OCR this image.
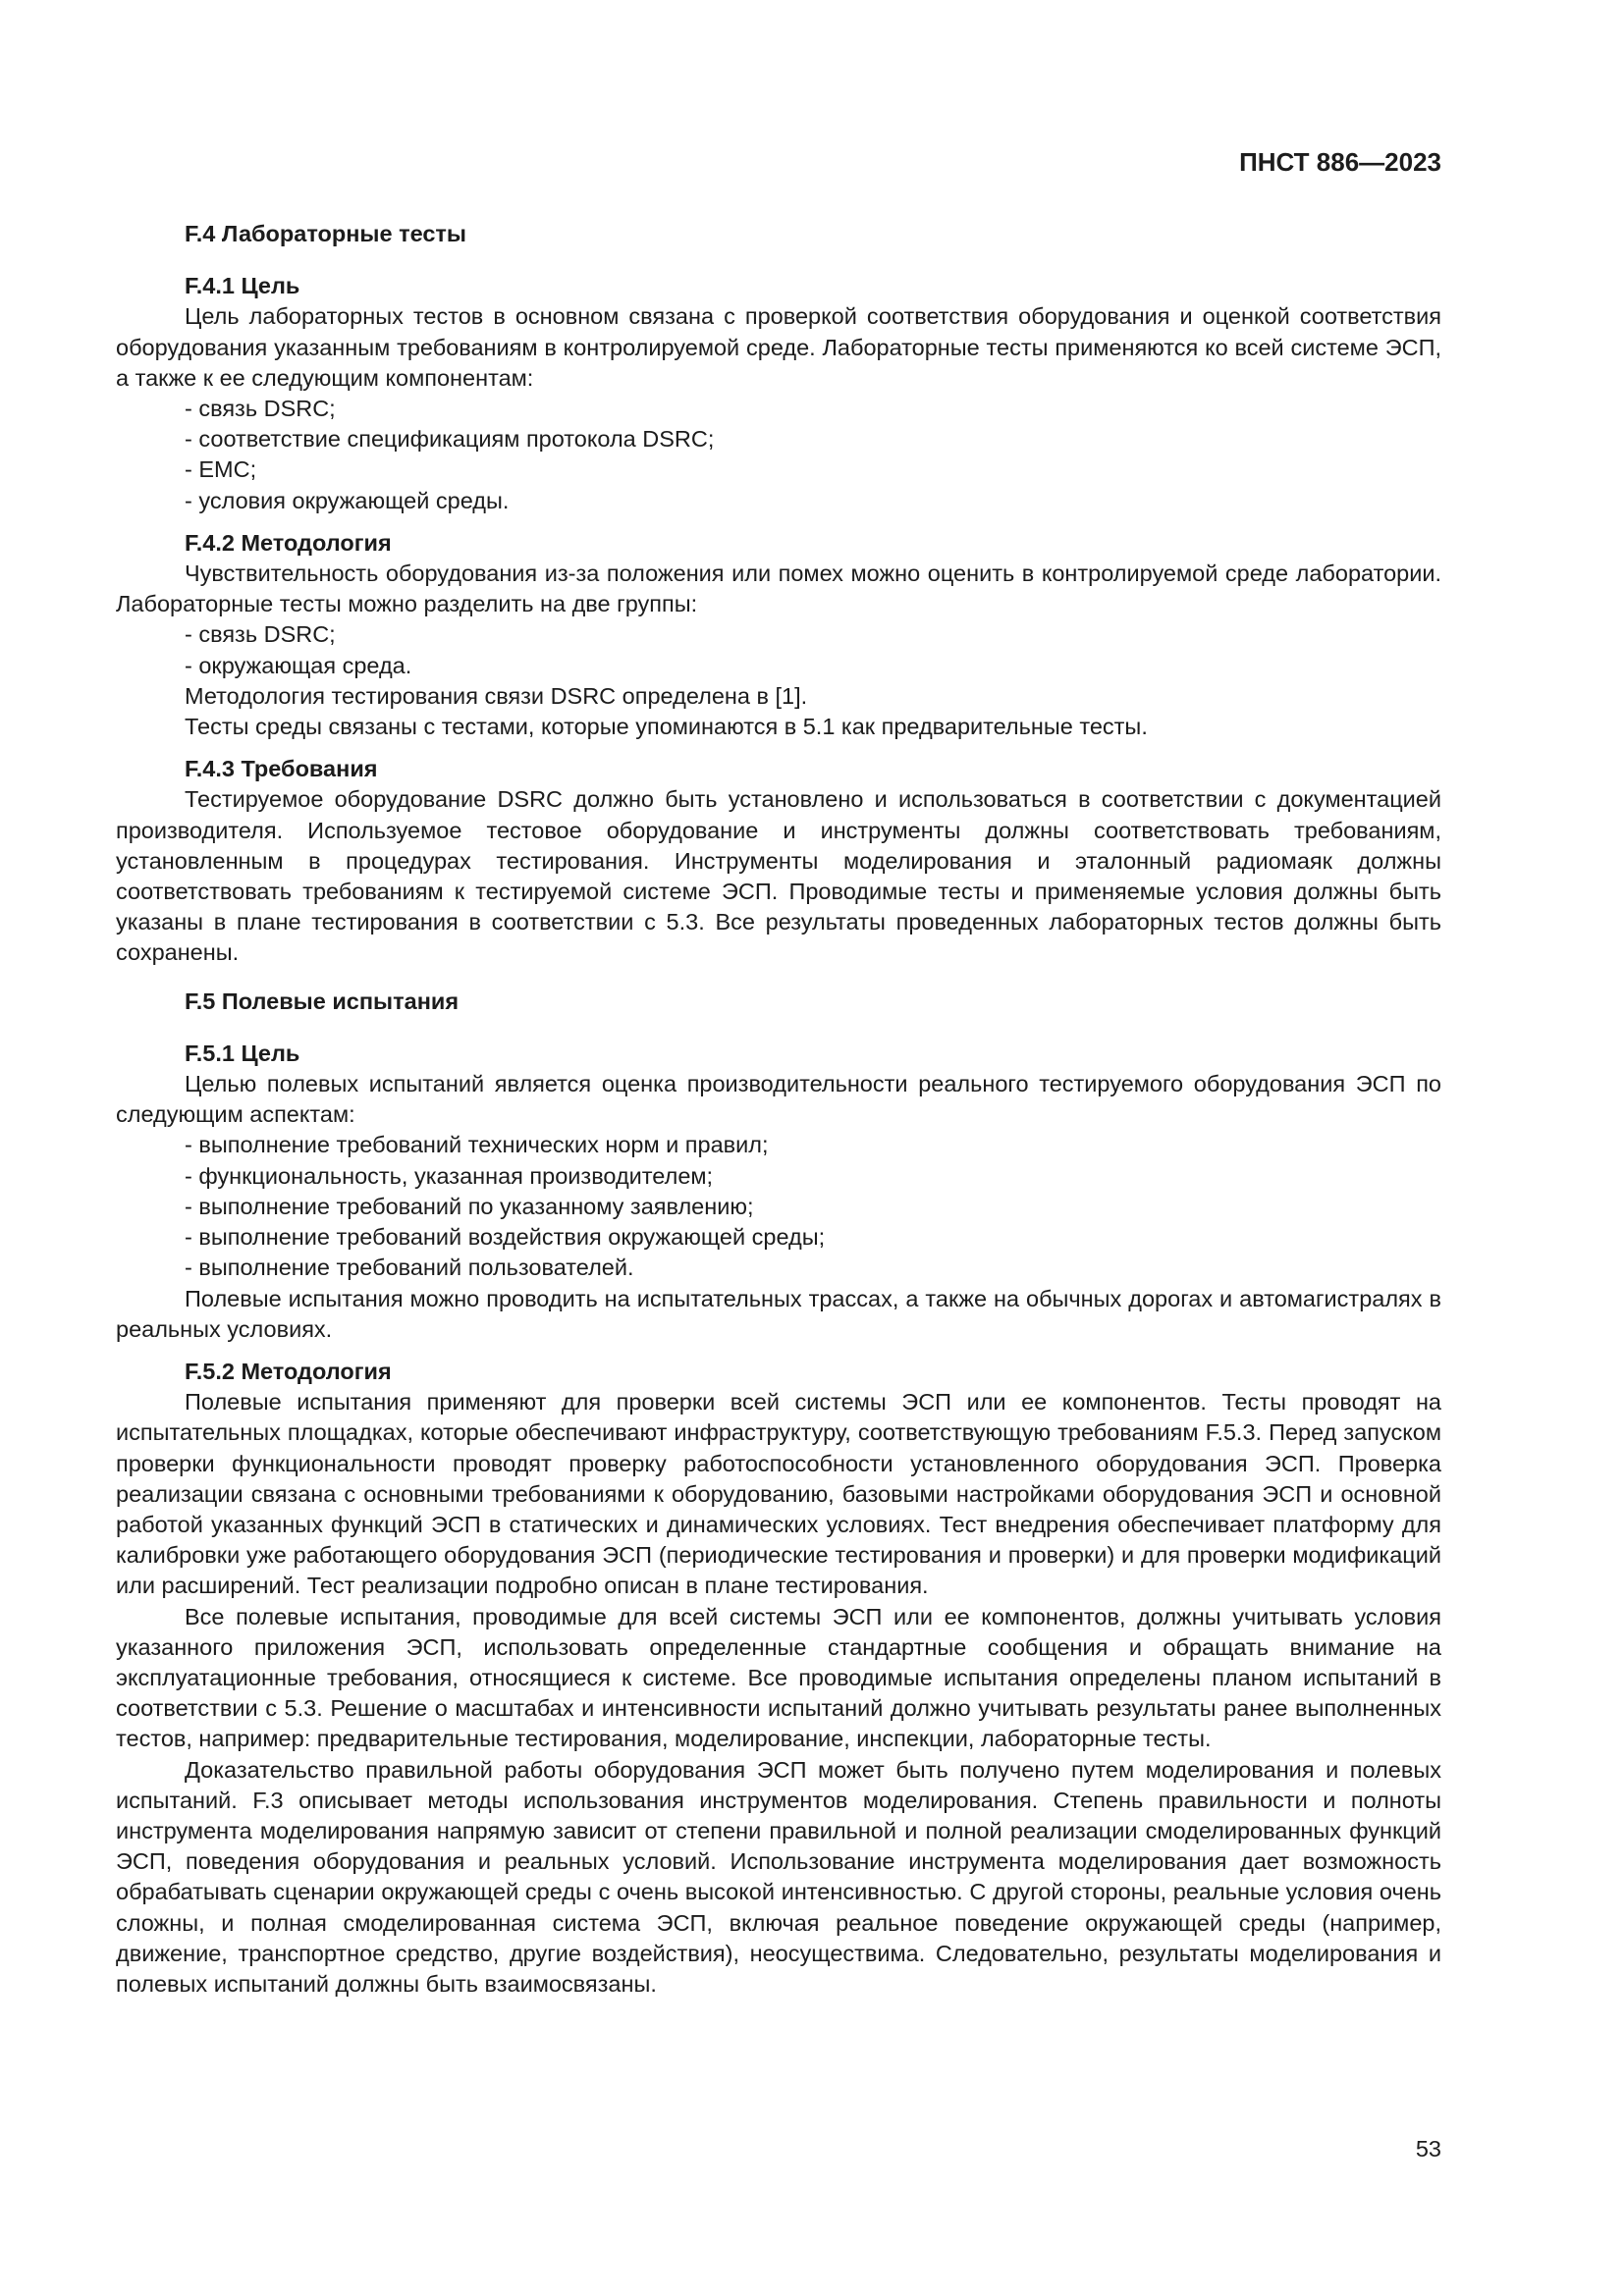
ПНСТ 886—2023
F.4 Лабораторные тесты
F.4.1 Цель

Цель лабораторных тестов в основном связана с проверкой соответствия оборудования и оценкой соответствия оборудования указанным требованиям в контролируемой среде. Лабораторные тесты применяются ко всей системе ЭСП, а также к ее следующим компонентам:

- связь DSRC;

- соответствие спецификациям протокола DSRC;

- EMC;

- условия окружающей среды.

F.4.2 Методология

Чувствительность оборудования из-за положения или помех можно оценить в контролируемой среде лаборатории. Лабораторные тесты можно разделить на две группы:

- связь DSRC;

- окружающая среда.

Методология тестирования связи DSRC определена в [1].

Тесты среды связаны с тестами, которые упоминаются в 5.1 как предварительные тесты.

F.4.3 Требования

Тестируемое оборудование DSRC должно быть установлено и использоваться в соответствии с документацией производителя. Используемое тестовое оборудование и инструменты должны соответствовать требованиям, установленным в процедурах тестирования. Инструменты моделирования и эталонный радиомаяк должны соответствовать требованиям к тестируемой системе ЭСП. Проводимые тесты и применяемые условия должны быть указаны в плане тестирования в соответствии с 5.3. Все результаты проведенных лабораторных тестов должны быть сохранены.

F.5 Полевые испытания
F.5.1 Цель

Целью полевых испытаний является оценка производительности реального тестируемого оборудования ЭСП по следующим аспектам:

- выполнение требований технических норм и правил;

- функциональность, указанная производителем;

- выполнение требований по указанному заявлению;

- выполнение требований воздействия окружающей среды;

- выполнение требований пользователей.

Полевые испытания можно проводить на испытательных трассах, а также на обычных дорогах и автомагистралях в реальных условиях.

F.5.2 Методология

Полевые испытания применяют для проверки всей системы ЭСП или ее компонентов. Тесты проводят на испытательных площадках, которые обеспечивают инфраструктуру, соответствующую требованиям F.5.3. Перед запуском проверки функциональности проводят проверку работоспособности установленного оборудования ЭСП. Проверка реализации связана с основными требованиями к оборудованию, базовыми настройками оборудования ЭСП и основной работой указанных функций ЭСП в статических и динамических условиях. Тест внедрения обеспечивает платформу для калибровки уже работающего оборудования ЭСП (периодические тестирования и проверки) и для проверки модификаций или расширений. Тест реализации подробно описан в плане тестирования.

Все полевые испытания, проводимые для всей системы ЭСП или ее компонентов, должны учитывать условия указанного приложения ЭСП, использовать определенные стандартные сообщения и обращать внимание на эксплуатационные требования, относящиеся к системе. Все проводимые испытания определены планом испытаний в соответствии с 5.3. Решение о масштабах и интенсивности испытаний должно учитывать результаты ранее выполненных тестов, например: предварительные тестирования, моделирование, инспекции, лабораторные тесты.

Доказательство правильной работы оборудования ЭСП может быть получено путем моделирования и полевых испытаний. F.3 описывает методы использования инструментов моделирования. Степень правильности и полноты инструмента моделирования напрямую зависит от степени правильной и полной реализации смоделированных функций ЭСП, поведения оборудования и реальных условий. Использование инструмента моделирования дает возможность обрабатывать сценарии окружающей среды с очень высокой интенсивностью. С другой стороны, реальные условия очень сложны, и полная смоделированная система ЭСП, включая реальное поведение окружающей среды (например, движение, транспортное средство, другие воздействия), неосуществима. Следовательно, результаты моделирования и полевых испытаний должны быть взаимосвязаны.

53
